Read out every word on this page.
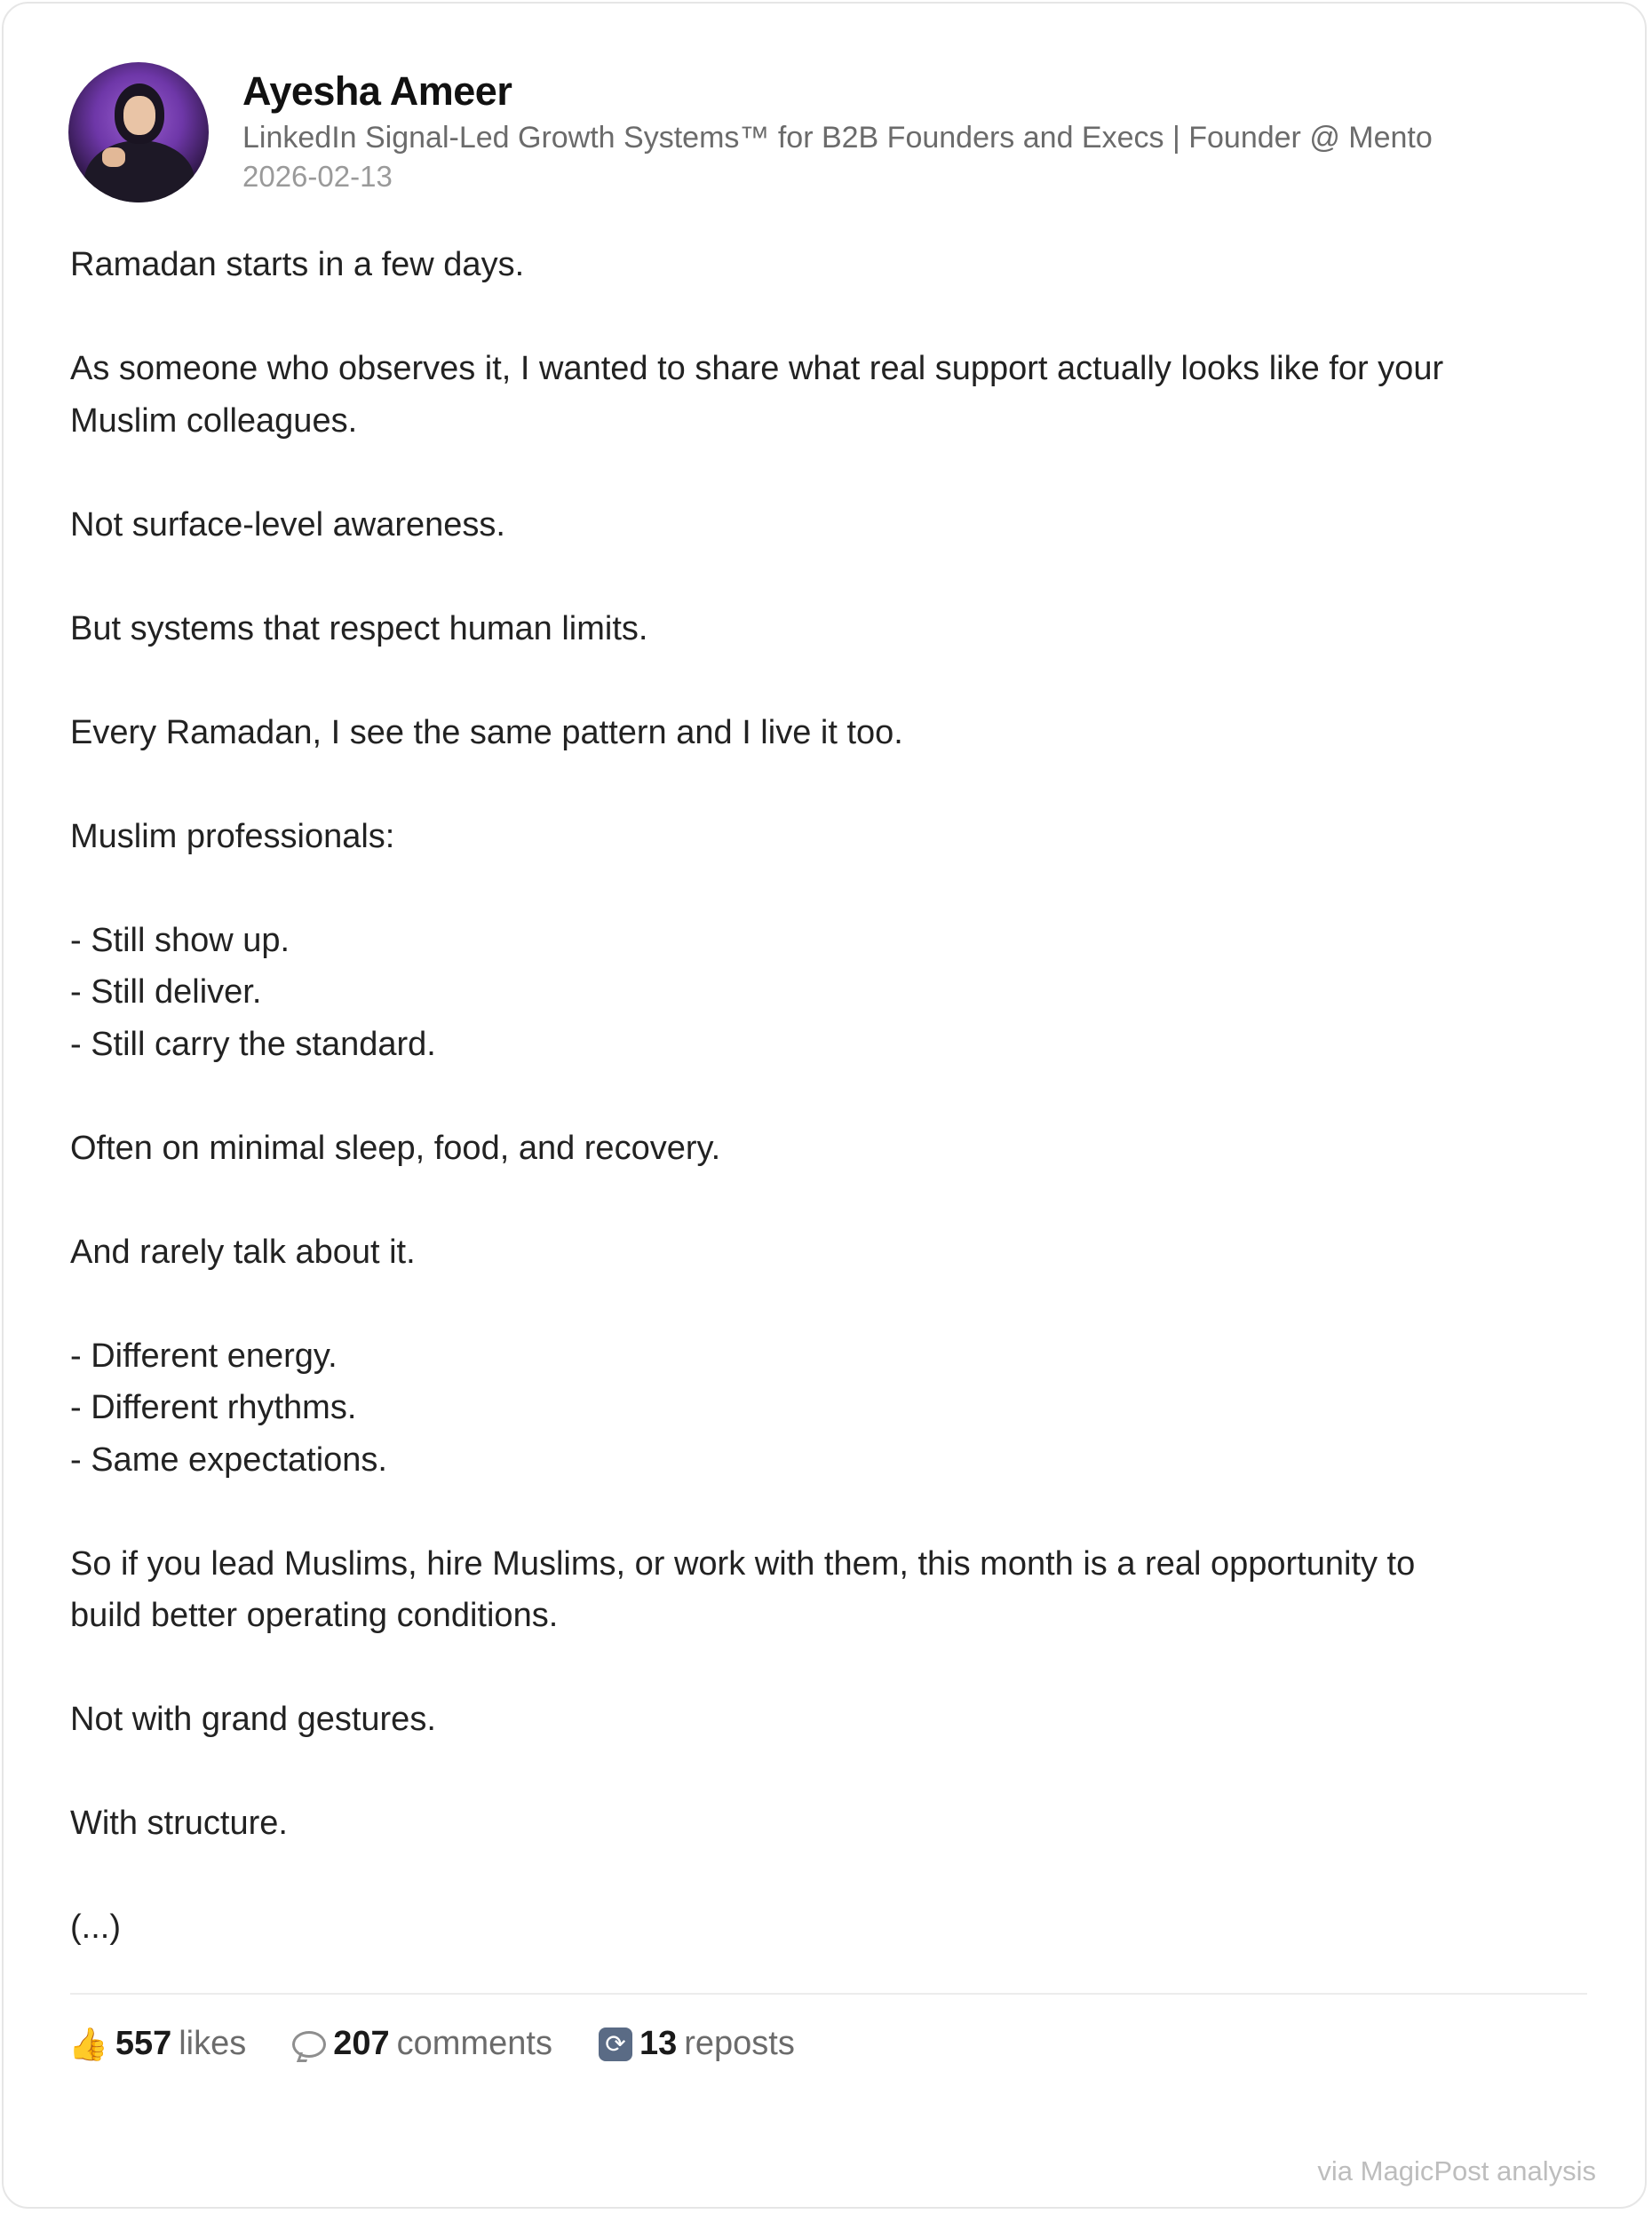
Ayesha Ameer
LinkedIn Signal-Led Growth Systems™ for B2B Founders and Execs | Founder @ Mento
2026-02-13

Ramadan starts in a few days.

As someone who observes it, I wanted to share what real support actually looks like for your

Muslim colleagues.

Not surface-level awareness.

But systems that respect human limits.

Every Ramadan, I see the same pattern and I live it too.

Muslim professionals:

- Still show up.

- Still deliver.

- Still carry the standard.

Often on minimal sleep, food, and recovery.

And rarely talk about it.

- Different energy.

- Different rhythms.

- Same expectations.

So if you lead Muslims, hire Muslims, or work with them, this month is a real opportunity to

build better operating conditions.

Not with grand gestures.

With structure.

(...)

👍 557 likes	207 comments ⟳ 13 reposts
via MagicPost analysis
